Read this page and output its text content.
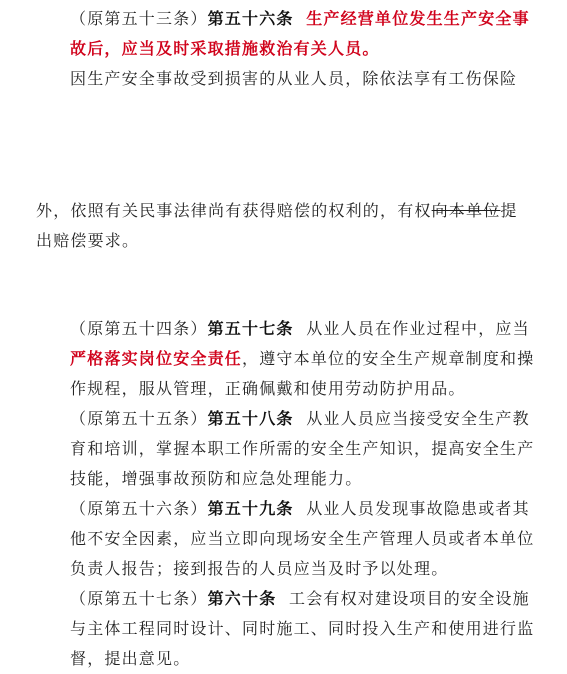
（原第五十三条）第五十六条 生产经营单位发生生产安全事故后，应当及时采取措施救治有关人员。

因生产安全事故受到损害的从业人员，除依法享有工伤保险

外，依照有关民事法律尚有获得赔偿的权利的，有权向本单位提
出赔偿要求。

（原第五十四条）第五十七条 从业人员在作业过程中，应当严格落实岗位安全责任，遵守本单位的安全生产规章制度和操作规程，服从管理，正确佩戴和使用劳动防护用品。

（原第五十五条）第五十八条 从业人员应当接受安全生产教育和培训，掌握本职工作所需的安全生产知识，提高安全生产技能，增强事故预防和应急处理能力。

（原第五十六条）第五十九条 从业人员发现事故隐患或者其他不安全因素，应当立即向现场安全生产管理人员或者本单位负责人报告；接到报告的人员应当及时予以处理。

（原第五十七条）第六十条 工会有权对建设项目的安全设施与主体工程同时设计、同时施工、同时投入生产和使用进行监督，提出意见。
